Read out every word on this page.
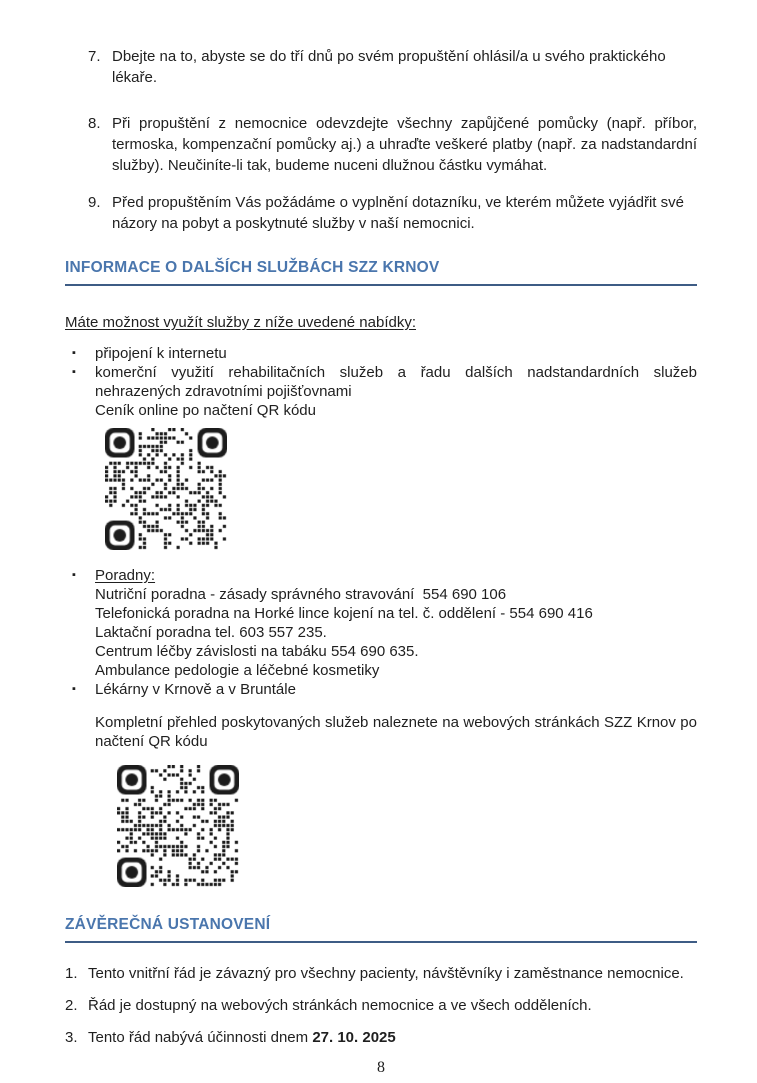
7. Dbejte na to, abyste se do tří dnů po svém propuštění ohlásil/a u svého praktického lékaře.
8. Při propuštění z nemocnice odevzdejte všechny zapůjčené pomůcky (např. příbor, termoska, kompenzační pomůcky aj.) a uhraďte veškeré platby (např. za nadstandardní služby). Neučiníte-li tak, budeme nuceni dlužnou částku vymáhat.
9. Před propuštěním Vás požádáme o vyplnění dotazníku, ve kterém můžete vyjádřit své názory na pobyt a poskytnuté služby v naší nemocnici.
INFORMACE O DALŠÍCH SLUŽBÁCH SZZ KRNOV
Máte možnost využít služby z níže uvedené nabídky:
▪	připojení k internetu
▪	komerční využití rehabilitačních služeb a řadu dalších nadstandardních služeb nehrazených zdravotními pojišťovnami
Ceník online po načtení QR kódu
▪	Poradny:
Nutriční poradna - zásady správného stravování  554 690 106
Telefonická poradna na Horké lince kojení na tel. č. oddělení - 554 690 416
Laktační poradna tel. 603 557 235.
Centrum léčby závislosti na tabáku 554 690 635.
Ambulance pedologie a léčebné kosmetiky
▪	Lékárny v Krnově a v Bruntále
Kompletní přehled poskytovaných služeb naleznete na webových stránkách SZZ Krnov po načtení QR kódu
ZÁVĚREČNÁ USTANOVENÍ
1. Tento vnitřní řád je závazný pro všechny pacienty, návštěvníky i zaměstnance nemocnice.
2. Řád je dostupný na webových stránkách nemocnice a ve všech odděleních.
3. Tento řád nabývá účinnosti dnem 27. 10. 2025
8
